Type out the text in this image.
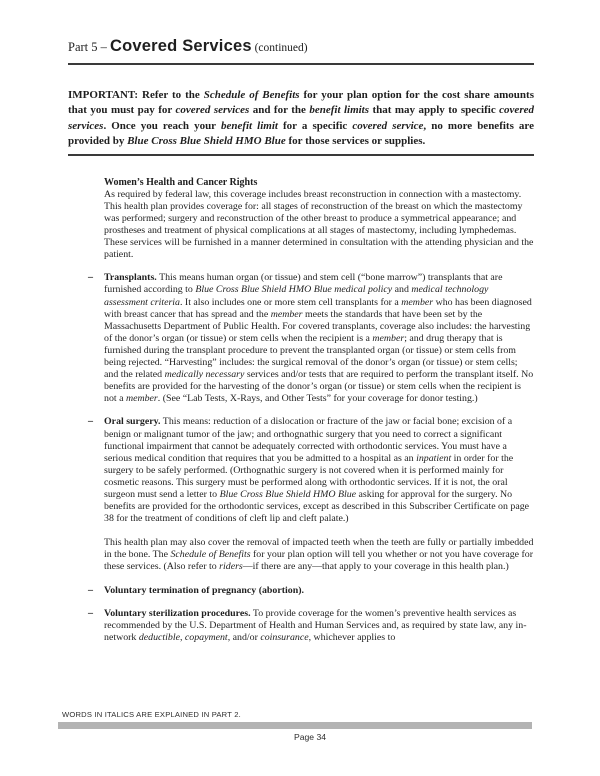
Part 5 – Covered Services (continued)
IMPORTANT: Refer to the Schedule of Benefits for your plan option for the cost share amounts that you must pay for covered services and for the benefit limits that may apply to specific covered services. Once you reach your benefit limit for a specific covered service, no more benefits are provided by Blue Cross Blue Shield HMO Blue for those services or supplies.
Women’s Health and Cancer Rights

As required by federal law, this coverage includes breast reconstruction in connection with a mastectomy. This health plan provides coverage for: all stages of reconstruction of the breast on which the mastectomy was performed; surgery and reconstruction of the other breast to produce a symmetrical appearance; and prostheses and treatment of physical complications at all stages of mastectomy, including lymphedemas. These services will be furnished in a manner determined in consultation with the attending physician and the patient.

–	Transplants. This means human organ (or tissue) and stem cell (“bone marrow”) transplants that are furnished according to Blue Cross Blue Shield HMO Blue medical policy and medical technology assessment criteria. It also includes one or more stem cell transplants for a member who has been diagnosed with breast cancer that has spread and the member meets the standards that have been set by the Massachusetts Department of Public Health. For covered transplants, coverage also includes: the harvesting of the donor’s organ (or tissue) or stem cells when the recipient is a member; and drug therapy that is furnished during the transplant procedure to prevent the transplanted organ (or tissue) or stem cells from being rejected. “Harvesting” includes: the surgical removal of the donor’s organ (or tissue) or stem cells; and the related medically necessary services and/or tests that are required to perform the transplant itself. No benefits are provided for the harvesting of the donor’s organ (or tissue) or stem cells when the recipient is not a member. (See “Lab Tests, X-Rays, and Other Tests” for your coverage for donor testing.)

–	Oral surgery. This means: reduction of a dislocation or fracture of the jaw or facial bone; excision of a benign or malignant tumor of the jaw; and orthognathic surgery that you need to correct a significant functional impairment that cannot be adequately corrected with orthodontic services. You must have a serious medical condition that requires that you be admitted to a hospital as an inpatient in order for the surgery to be safely performed. (Orthognathic surgery is not covered when it is performed mainly for cosmetic reasons. This surgery must be performed along with orthodontic services. If it is not, the oral surgeon must send a letter to Blue Cross Blue Shield HMO Blue asking for approval for the surgery. No benefits are provided for the orthodontic services, except as described in this Subscriber Certificate on page 38 for the treatment of conditions of cleft lip and cleft palate.)

This health plan may also cover the removal of impacted teeth when the teeth are fully or partially imbedded in the bone. The Schedule of Benefits for your plan option will tell you whether or not you have coverage for these services. (Also refer to riders—if there are any—that apply to your coverage in this health plan.)

–	Voluntary termination of pregnancy (abortion).

–	Voluntary sterilization procedures. To provide coverage for the women’s preventive health services as recommended by the U.S. Department of Health and Human Services and, as required by state law, any in-network deductible, copayment, and/or coinsurance, whichever applies to

WORDS IN ITALICS ARE EXPLAINED IN PART 2.
Page 34
